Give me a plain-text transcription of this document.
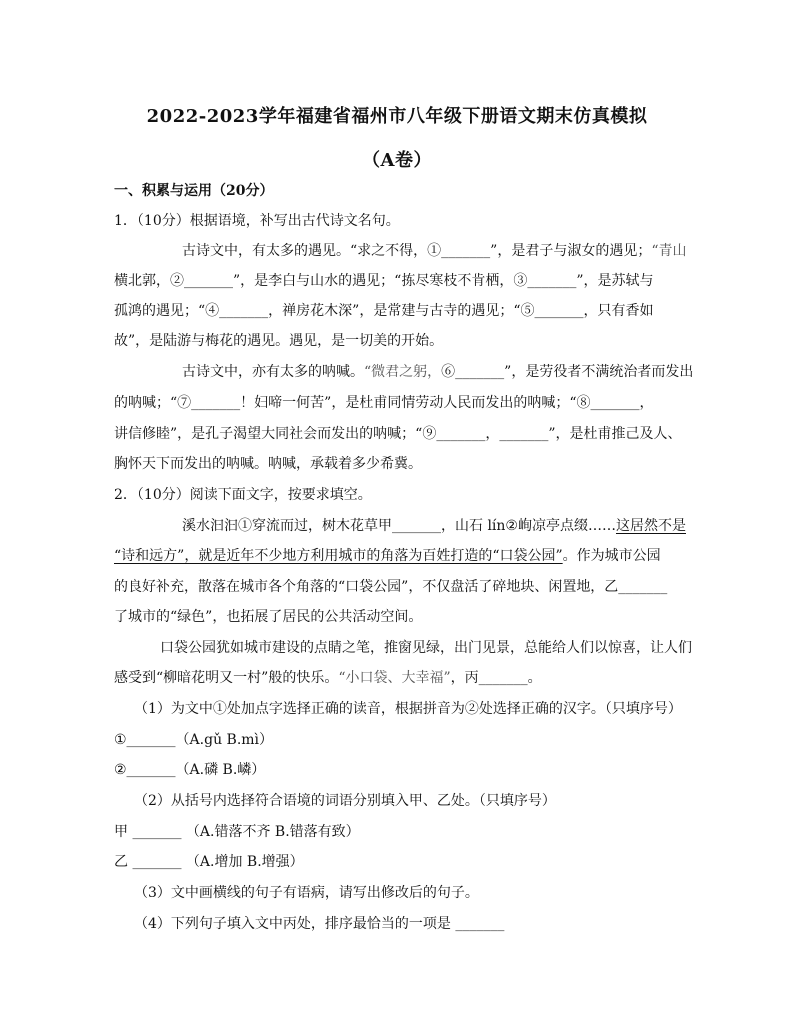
2022-2023学年福建省福州市八年级下册语文期末仿真模拟
（A卷）
一、积累与运用（20分）
1．（10分）根据语境，补写出古代诗文名句。
古诗文中，有太多的遇见。“求之不得，①_______”，是君子与淑女的遇见；“青山
横北郭，②_______”，是李白与山水的遇见；“拣尽寒枝不肯栖，③_______”，是苏轼与
孤鸿的遇见；“④_______，禅房花木深”，是常建与古寺的遇见；“⑤_______，只有香如
故”，是陆游与梅花的遇见。遇见，是一切美的开始。
古诗文中，亦有太多的呐喊。“微君之躬，⑥_______”，是劳役者不满统治者而发出
的呐喊；“⑦_______！妇啼一何苦”，是杜甫同情劳动人民而发出的呐喊；“⑧_______，
讲信修睦”，是孔子渴望大同社会而发出的呐喊；“⑨_______，_______”，是杜甫推己及人、
胸怀天下而发出的呐喊。呐喊，承载着多少希冀。
2．（10分）阅读下面文字，按要求填空。
溪水汩汩①穿流而过，树木花草甲_______，山石 lín②峋凉亭点缀……这居然不是
“诗和远方”，就是近年不少地方利用城市的角落为百姓打造的“口袋公园”。作为城市公园
的良好补充，散落在城市各个角落的“口袋公园”，不仅盘活了碎地块、闲置地，乙_______
了城市的“绿色”，也拓展了居民的公共活动空间。
口袋公园犹如城市建设的点睛之笔，推窗见绿，出门见景，总能给人们以惊喜，让人们
感受到“柳暗花明又一村”般的快乐。“小口袋、大幸福”，丙_______。
（1）为文中①处加点字选择正确的读音，根据拼音为②处选择正确的汉字。（只填序号）
①_______（A.gǔ B.mì）
②_______（A.磷 B.嶙）
（2）从括号内选择符合语境的词语分别填入甲、乙处。（只填序号）
甲 _______ （A.错落不齐 B.错落有致）
乙 _______ （A.增加 B.增强）
（3）文中画横线的句子有语病，请写出修改后的句子。
（4）下列句子填入文中丙处，排序最恰当的一项是 _______
